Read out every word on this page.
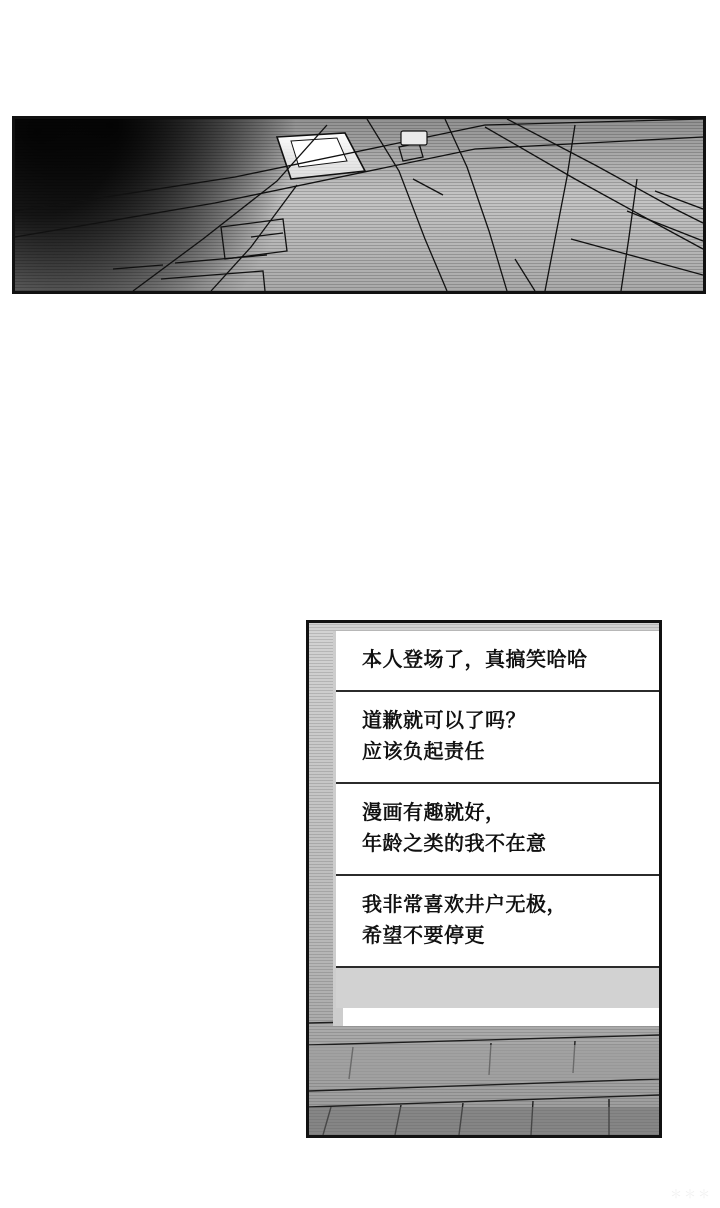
本人登场了，真搞笑哈哈
道歉就可以了吗？
应该负起责任
漫画有趣就好，
年龄之类的我不在意
我非常喜欢井户无极，
希望不要停更
＊＊＊
